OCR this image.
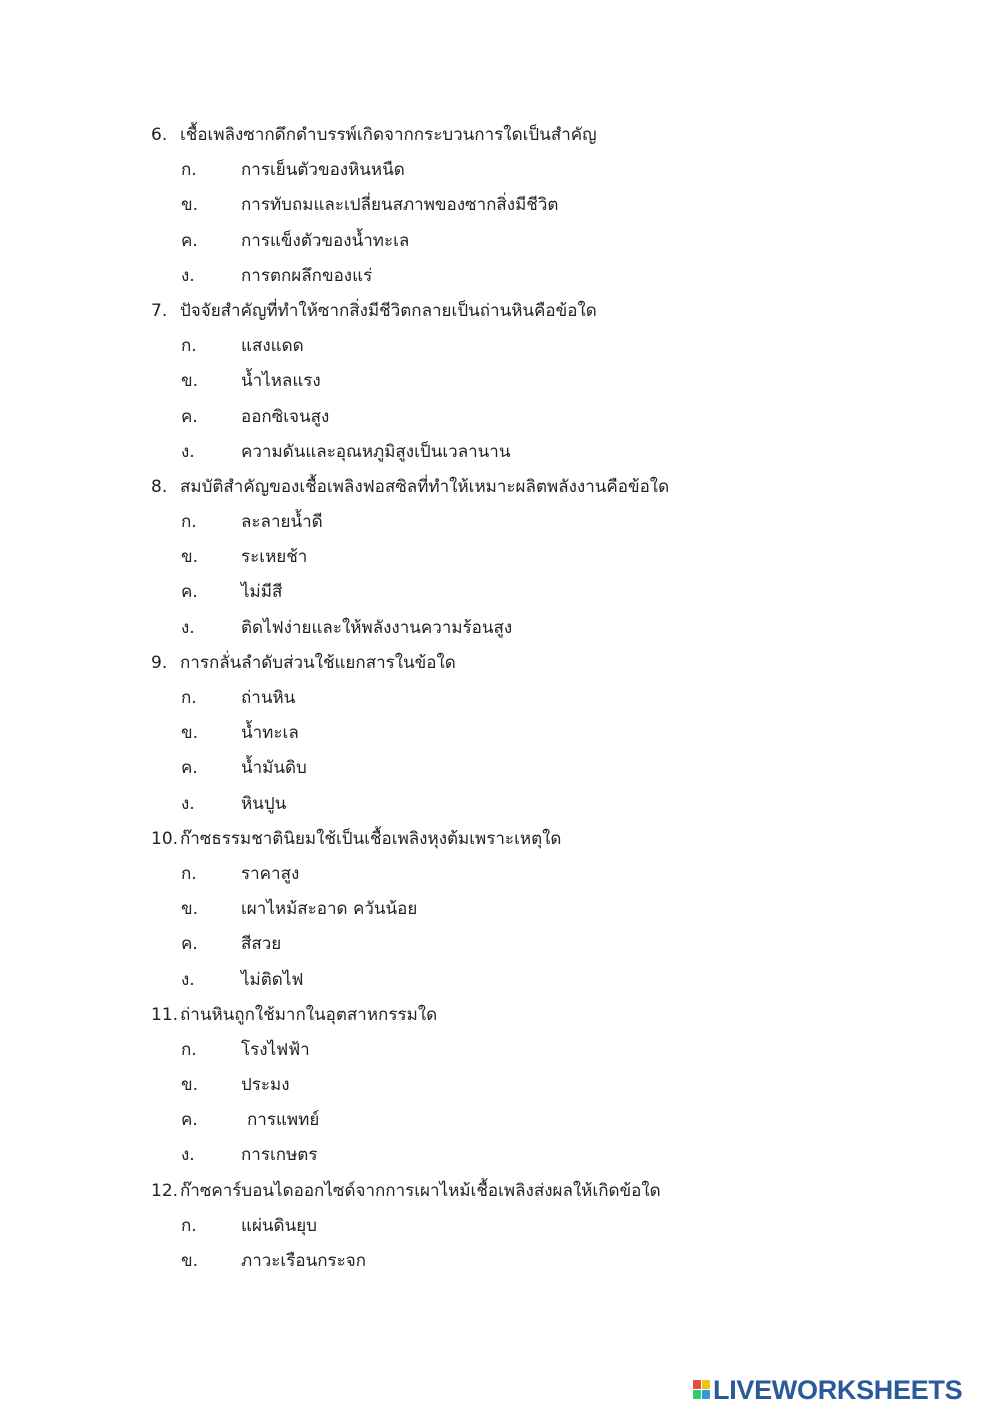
6. เชื้อเพลิงซากดึกดำบรรพ์เกิดจากกระบวนการใดเป็นสำคัญ
ก.	การเย็นตัวของหินหนืด
ข.	การทับถมและเปลี่ยนสภาพของซากสิ่งมีชีวิต
ค.	การแข็งตัวของน้ำทะเล
ง.	การตกผลึกของแร่
7. ปัจจัยสำคัญที่ทำให้ซากสิ่งมีชีวิตกลายเป็นถ่านหินคือข้อใด
ก.	แสงแดด
ข.	น้ำไหลแรง
ค.	ออกซิเจนสูง
ง.	ความดันและอุณหภูมิสูงเป็นเวลานาน
8. สมบัติสำคัญของเชื้อเพลิงฟอสซิลที่ทำให้เหมาะผลิตพลังงานคือข้อใด
ก.	ละลายน้ำดี
ข.	ระเหยช้า
ค.	ไม่มีสี
ง.	ติดไฟง่ายและให้พลังงานความร้อนสูง
9. การกลั่นลำดับส่วนใช้แยกสารในข้อใด
ก.	ถ่านหิน
ข.	น้ำทะเล
ค.	น้ำมันดิบ
ง.	หินปูน
10. ก๊าซธรรมชาตินิยมใช้เป็นเชื้อเพลิงหุงต้มเพราะเหตุใด
ก.	ราคาสูง
ข.	เผาไหม้สะอาด ควันน้อย
ค.	สีสวย
ง.	ไม่ติดไฟ
11. ถ่านหินถูกใช้มากในอุตสาหกรรมใด
ก.	โรงไฟฟ้า
ข.	ประมง
ค.	การแพทย์
ง.	การเกษตร
12. ก๊าซคาร์บอนไดออกไซด์จากการเผาไหม้เชื้อเพลิงส่งผลให้เกิดข้อใด
ก.	แผ่นดินยุบ
ข.	ภาวะเรือนกระจก
LIVEWORKSHEETS
